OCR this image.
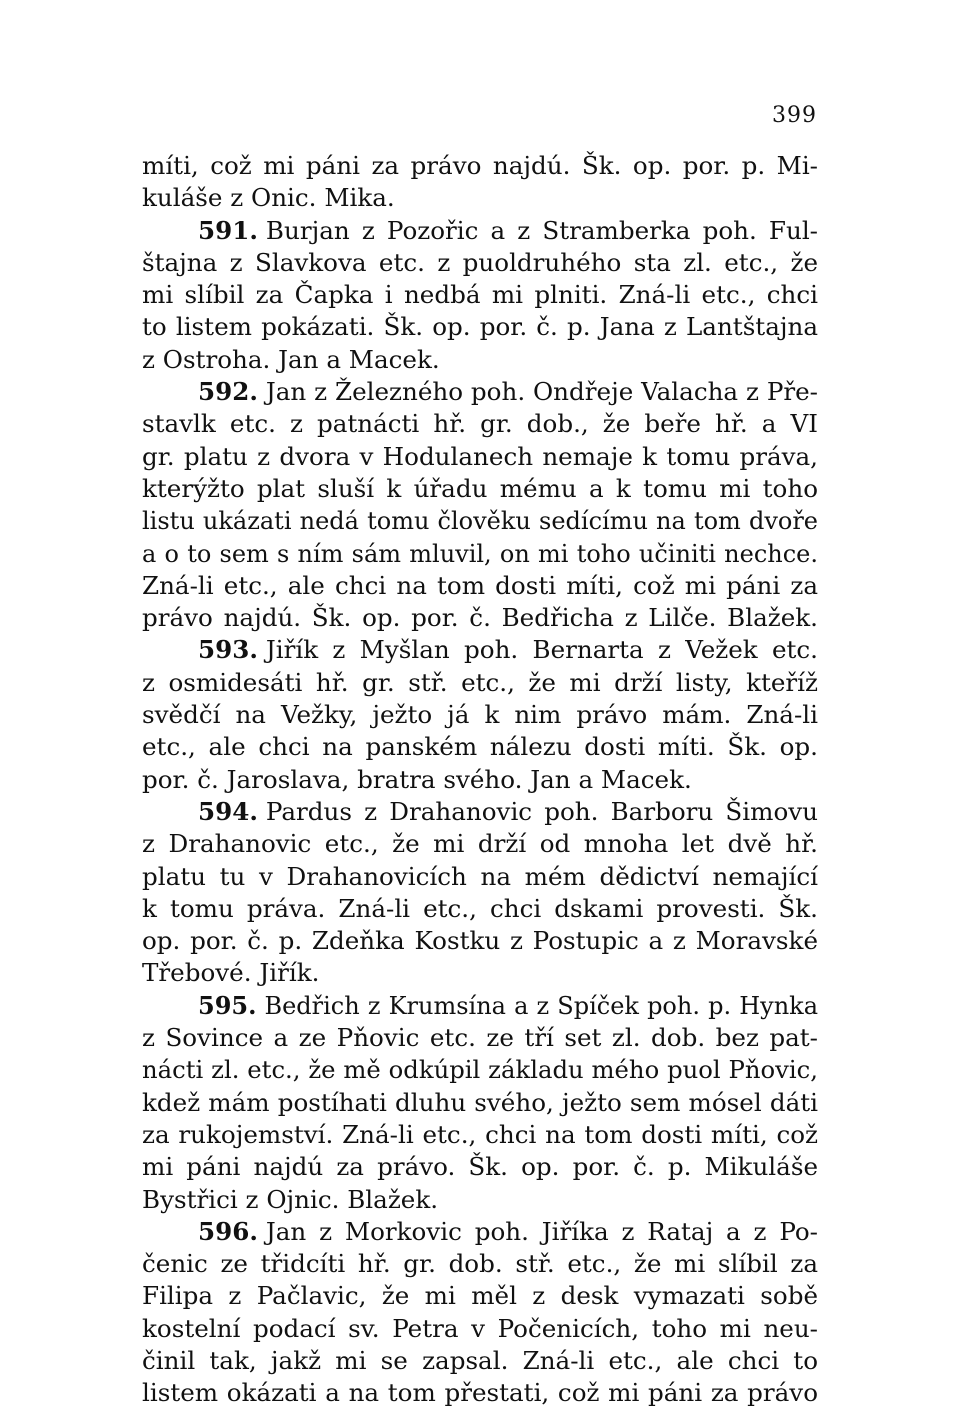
399
míti, což mi páni za právo najdú. Šk. op. por. p. Mi-
kuláše z Onic. Mika.
591. Burjan z Pozořic a z Stramberka poh. Ful-
štajna z Slavkova etc. z puoldruhého sta zl. etc., že
mi slíbil za Čapka i nedbá mi plniti. Zná-li etc., chci
to listem pokázati. Šk. op. por. č. p. Jana z Lantštajna
z Ostroha. Jan a Macek.
592. Jan z Železného poh. Ondřeje Valacha z Pře-
stavlk etc. z patnácti hř. gr. dob., že beře hř. a VI
gr. platu z dvora v Hodulanech nemaje k tomu práva,
kterýžto plat sluší k úřadu mému a k tomu mi toho
listu ukázati nedá tomu člověku sedícímu na tom dvoře
a o to sem s ním sám mluvil, on mi toho učiniti nechce.
Zná-li etc., ale chci na tom dosti míti, což mi páni za
právo najdú. Šk. op. por. č. Bedřicha z Lilče. Blažek.
593. Jiřík z Myšlan poh. Bernarta z Vežek etc.
z osmidesáti hř. gr. stř. etc., že mi drží listy, kteříž
svědčí na Vežky, ježto já k nim právo mám. Zná-li
etc., ale chci na panském nálezu dosti míti. Šk. op.
por. č. Jaroslava, bratra svého. Jan a Macek.
594. Pardus z Drahanovic poh. Barboru Šimovu
z Drahanovic etc., že mi drží od mnoha let dvě hř.
platu tu v Drahanovicích na mém dědictví nemající
k tomu práva. Zná-li etc., chci dskami provesti. Šk.
op. por. č. p. Zdeňka Kostku z Postupic a z Moravské
Třebové. Jiřík.
595. Bedřich z Krumsína a z Spíček poh. p. Hynka
z Sovince a ze Pňovic etc. ze tří set zl. dob. bez pat-
nácti zl. etc., že mě odkúpil základu mého puol Pňovic,
kdež mám postíhati dluhu svého, ježto sem mósel dáti
za rukojemství. Zná-li etc., chci na tom dosti míti, což
mi páni najdú za právo. Šk. op. por. č. p. Mikuláše
Bystřici z Ojnic. Blažek.
596. Jan z Morkovic poh. Jiříka z Rataj a z Po-
čenic ze třidcíti hř. gr. dob. stř. etc., že mi slíbil za
Filipa z Pačlavic, že mi měl z desk vymazati sobě
kostelní podací sv. Petra v Počenicích, toho mi neu-
činil tak, jakž mi se zapsal. Zná-li etc., ale chci to
listem okázati a na tom přestati, což mi páni za právo
